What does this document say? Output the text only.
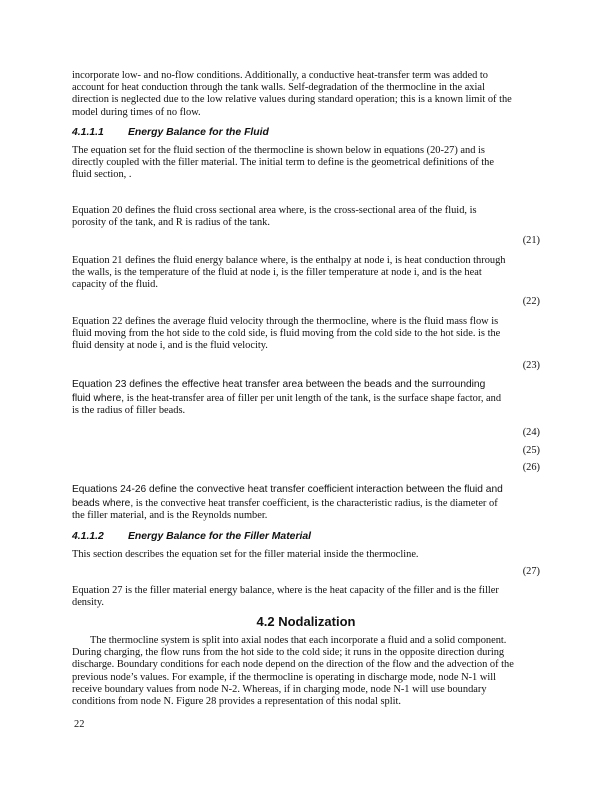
incorporate low- and no-flow conditions. Additionally, a conductive heat-transfer term was added to
account for heat conduction through the tank walls. Self-degradation of the thermocline in the axial
direction is neglected due to the low relative values during standard operation; this is a known limit of the
model during times of no flow.
4.1.1.1 Energy Balance for the Fluid
The equation set for the fluid section of the thermocline is shown below in equations (20-27) and is
directly coupled with the filler material. The initial term to define is the geometrical definitions of the
fluid section, .
Equation 20 defines the fluid cross sectional area where, is the cross-sectional area of the fluid, is
porosity of the tank, and R is radius of the tank.
(21)
Equation 21 defines the fluid energy balance where, is the enthalpy at node i, is heat conduction through
the walls, is the temperature of the fluid at node i, is the filler temperature at node i, and is the heat
capacity of the fluid.
(22)
Equation 22 defines the average fluid velocity through the thermocline, where is the fluid mass flow is
fluid moving from the hot side to the cold side, is fluid moving from the cold side to the hot side. is the
fluid density at node i, and is the fluid velocity.
(23)
Equation 23 defines the effective heat transfer area between the beads and the surrounding
fluid where, is the heat-transfer area of filler per unit length of the tank, is the surface shape factor, and
is the radius of filler beads.
(24)
(25)
(26)
Equations 24-26 define the convective heat transfer coefficient interaction between the fluid and
beads where, is the convective heat transfer coefficient, is the characteristic radius, is the diameter of
the filler material, and is the Reynolds number.
4.1.1.2 Energy Balance for the Filler Material
This section describes the equation set for the filler material inside the thermocline.
(27)
Equation 27 is the filler material energy balance, where is the heat capacity of the filler and is the filler
density.
4.2 Nodalization
The thermocline system is split into axial nodes that each incorporate a fluid and a solid component.
During charging, the flow runs from the hot side to the cold side; it runs in the opposite direction during
discharge. Boundary conditions for each node depend on the direction of the flow and the advection of the
previous node’s values. For example, if the thermocline is operating in discharge mode, node N-1 will
receive boundary values from node N-2. Whereas, if in charging mode, node N-1 will use boundary
conditions from node N. Figure 28 provides a representation of this nodal split.
22
